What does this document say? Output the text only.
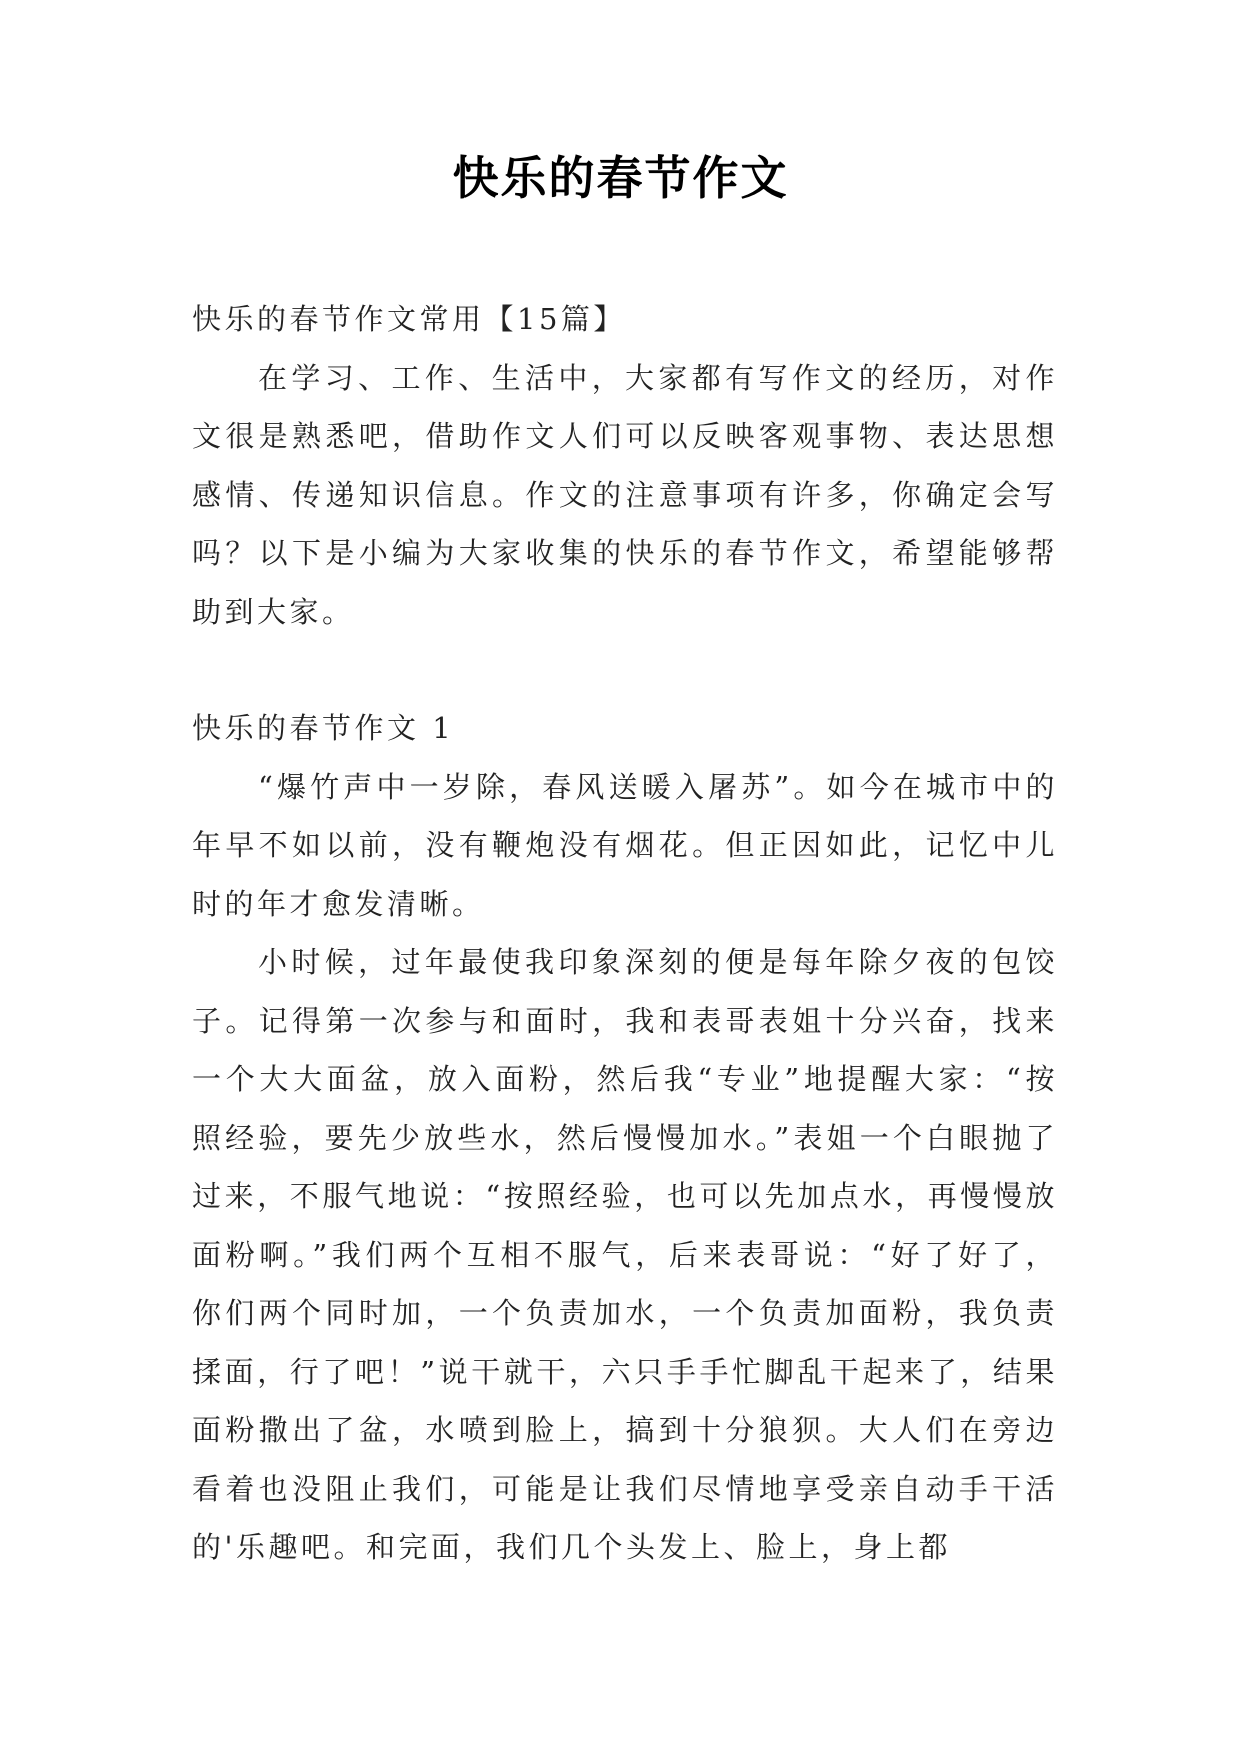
快乐的春节作文

快乐的春节作文常用【15篇】

在学习、工作、生活中，大家都有写作文的经历，对作文很是熟悉吧，借助作文人们可以反映客观事物、表达思想感情、传递知识信息。作文的注意事项有许多，你确定会写吗？以下是小编为大家收集的快乐的春节作文，希望能够帮助到大家。

快乐的春节作文 1

“爆竹声中一岁除，春风送暖入屠苏”。如今在城市中的年早不如以前，没有鞭炮没有烟花。但正因如此，记忆中儿时的年才愈发清晰。

小时候，过年最使我印象深刻的便是每年除夕夜的包饺子。记得第一次参与和面时，我和表哥表姐十分兴奋，找来一个大大面盆，放入面粉，然后我“专业”地提醒大家：“按照经验，要先少放些水，然后慢慢加水。”表姐一个白眼抛了过来，不服气地说：“按照经验，也可以先加点水，再慢慢放面粉啊。”我们两个互相不服气，后来表哥说：“好了好了，你们两个同时加，一个负责加水，一个负责加面粉，我负责揉面，行了吧！”说干就干，六只手手忙脚乱干起来了，结果面粉撒出了盆，水喷到脸上，搞到十分狼狈。大人们在旁边看着也没阻止我们，可能是让我们尽情地享受亲自动手干活的'乐趣吧。和完面，我们几个头发上、脸上，身上都
